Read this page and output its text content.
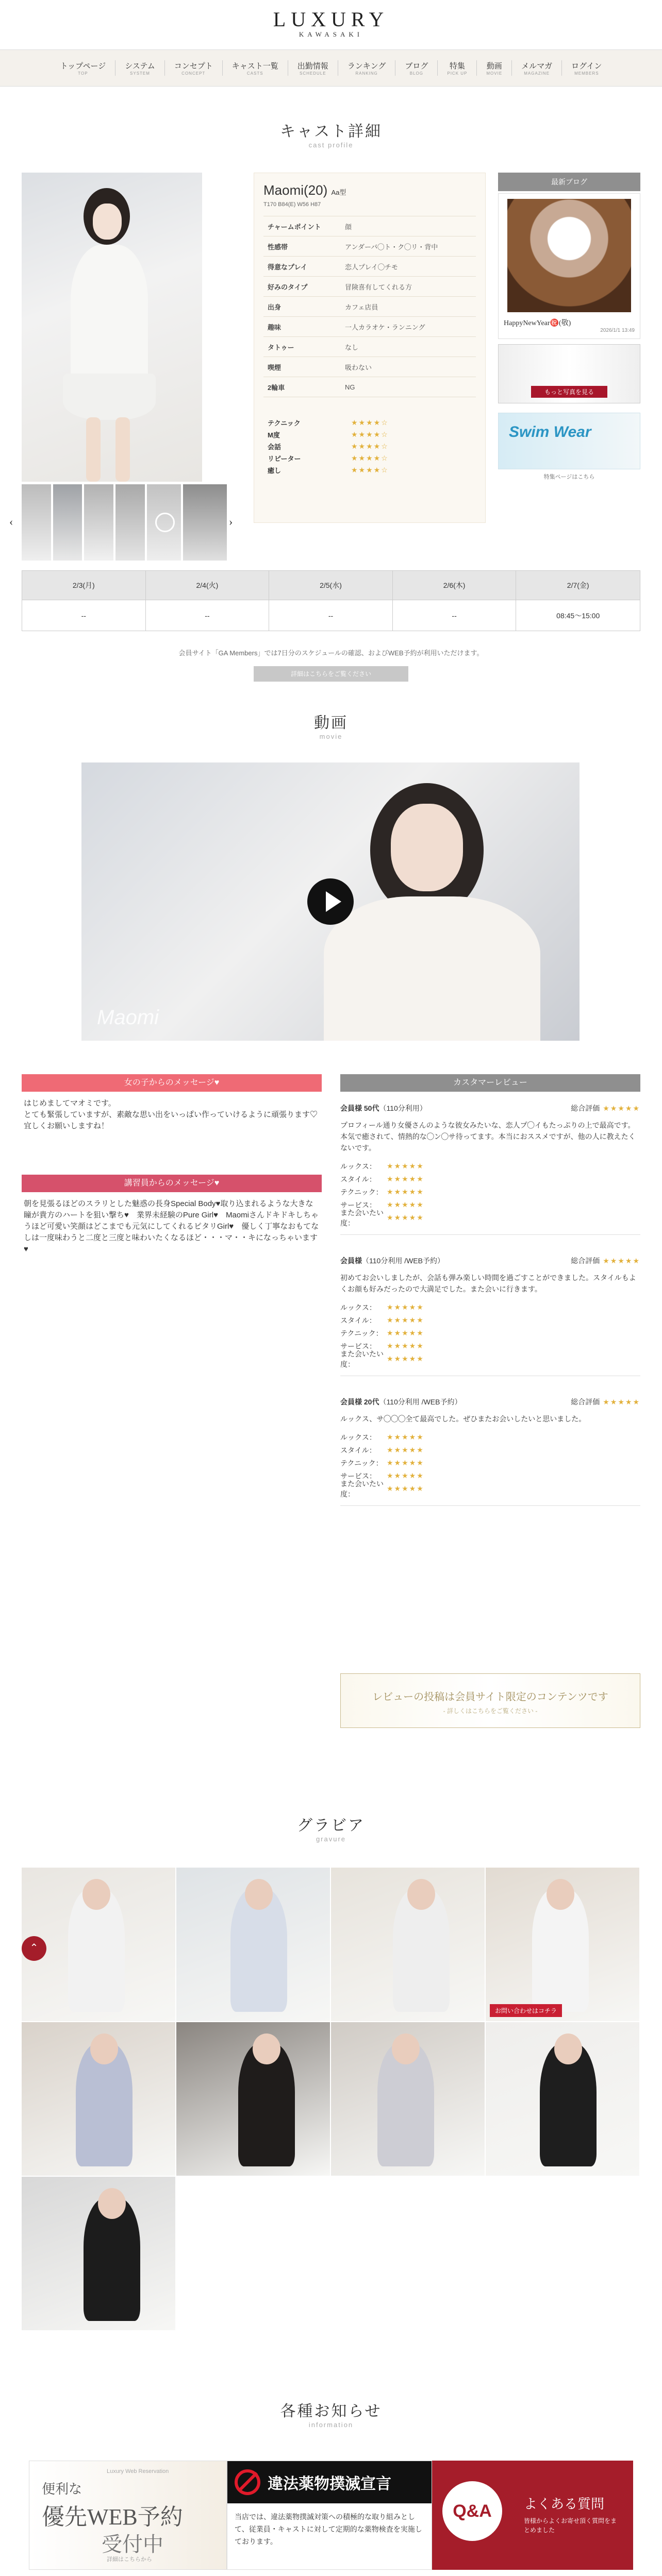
LUXURY
KAWASAKI
トップページ
TOP
システム
SYSTEM
コンセプト
CONCEPT
キャスト一覧
CASTS
出勤情報
SCHEDULE
ランキング
RANKING
ブログ
BLOG
特集
PICK UP
動画
MOVIE
メルマガ
MAGAZINE
ログイン
MEMBERS
キャスト詳細
cast profile
‹	›
Maomi(20) Aa型
T170 B84(E) W56 H87
チャームポイント	顔
性感帯	アンダーバ◯ト・ク◯リ・背中
得意なプレイ	恋人プレイ◯チモ
好みのタイプ	冒険喜有してくれる方
出身	カフェ店員
趣味	一人カラオケ・ランニング
タトゥー	なし
喫煙	吸わない
2輪車	NG
テクニック	★★★★☆
M度	★★★★☆
会話	★★★★☆
リピーター	★★★★☆
癒し	★★★★☆
最新ブログ
HappyNewYear㊗️(敬)
2026/1/1 13:49
もっと写真を見る
Swim Wear
特集ページはこちら
2/3(月)	2/4(火)	2/5(水)	2/6(木)	2/7(金)
--	--	--	--	08:45〜15:00
会員サイト「GA Members」では7日分のスケジュールの確認、およびWEB予約が利用いただけます。
詳細はこちらをご覧ください
動画
movie
Maomi
女の子からのメッセージ♥
はじめましてマオミです。
とても緊張していますが、素敵な思い出をいっぱい作っていけるように頑張ります♡
宜しくお願いしますね！
講習員からのメッセージ♥
朝を見張るほどのスラリとした魅惑の長身Special Body♥取り込まれるような大きな瞳が貴方のハートを狙い撃ち♥　業界未経験のPure Girl♥　Maomiさんドキドキしちゃうほど可愛い笑顔はどこまでも元気にしてくれるピタリGirl♥　優しく丁寧なおもてなしは一度味わうと二度と三度と味わいたくなるほど・・・マ・・キになっちゃいます♥
カスタマーレビュー
会員様 50代（110分利用）	総合評価 ★★★★★
プロフィール通り女優さんのような彼女みたいな、恋人プ◯イもたっぷりの上で最高です。本気で癒されて、情熱的な◯ン◯サ待ってます。本当におススメですが、他の人に教えたくないです。
ルックス：	★★★★★
スタイル：	★★★★★
テクニック： ★★★★★
サービス：	★★★★★
また会いたい度：
★★★★★
会員様（110分利用 /WEB予約）	総合評価 ★★★★★
初めてお会いしましたが、会話も弾み楽しい時間を過ごすことができました。スタイルもよくお顔も好みだったので大満足でした。また会いに行きます。
ルックス：	★★★★★
スタイル：	★★★★★
テクニック： ★★★★★
サービス：	★★★★★
また会いたい度：
★★★★★
会員様 20代（110分利用 /WEB予約）	総合評価 ★★★★★
ルックス、サ◯◯◯全て最高でした。ぜひまたお会いしたいと思いました。
ルックス：	★★★★★
スタイル：	★★★★★
テクニック： ★★★★★
サービス：	★★★★★
また会いたい度：
★★★★★
レビューの投稿は会員サイト限定のコンテンツです
- 詳しくはこちらをご覧ください -
グラビア
gravure
お問い合わせはコチラ
⌃
各種お知らせ
information
Luxury Web Reservation
便利な
優先WEB予約
受付中
詳細はこちらから
違法薬物撲滅宣言
当店では、違法薬物撲滅対策への積極的な取り組みとして、従業員・キャストに対して定期的な薬物検査を実施しております。
Q&A	よくある質問
皆様からよくお寄せ頂く質問をまとめました
